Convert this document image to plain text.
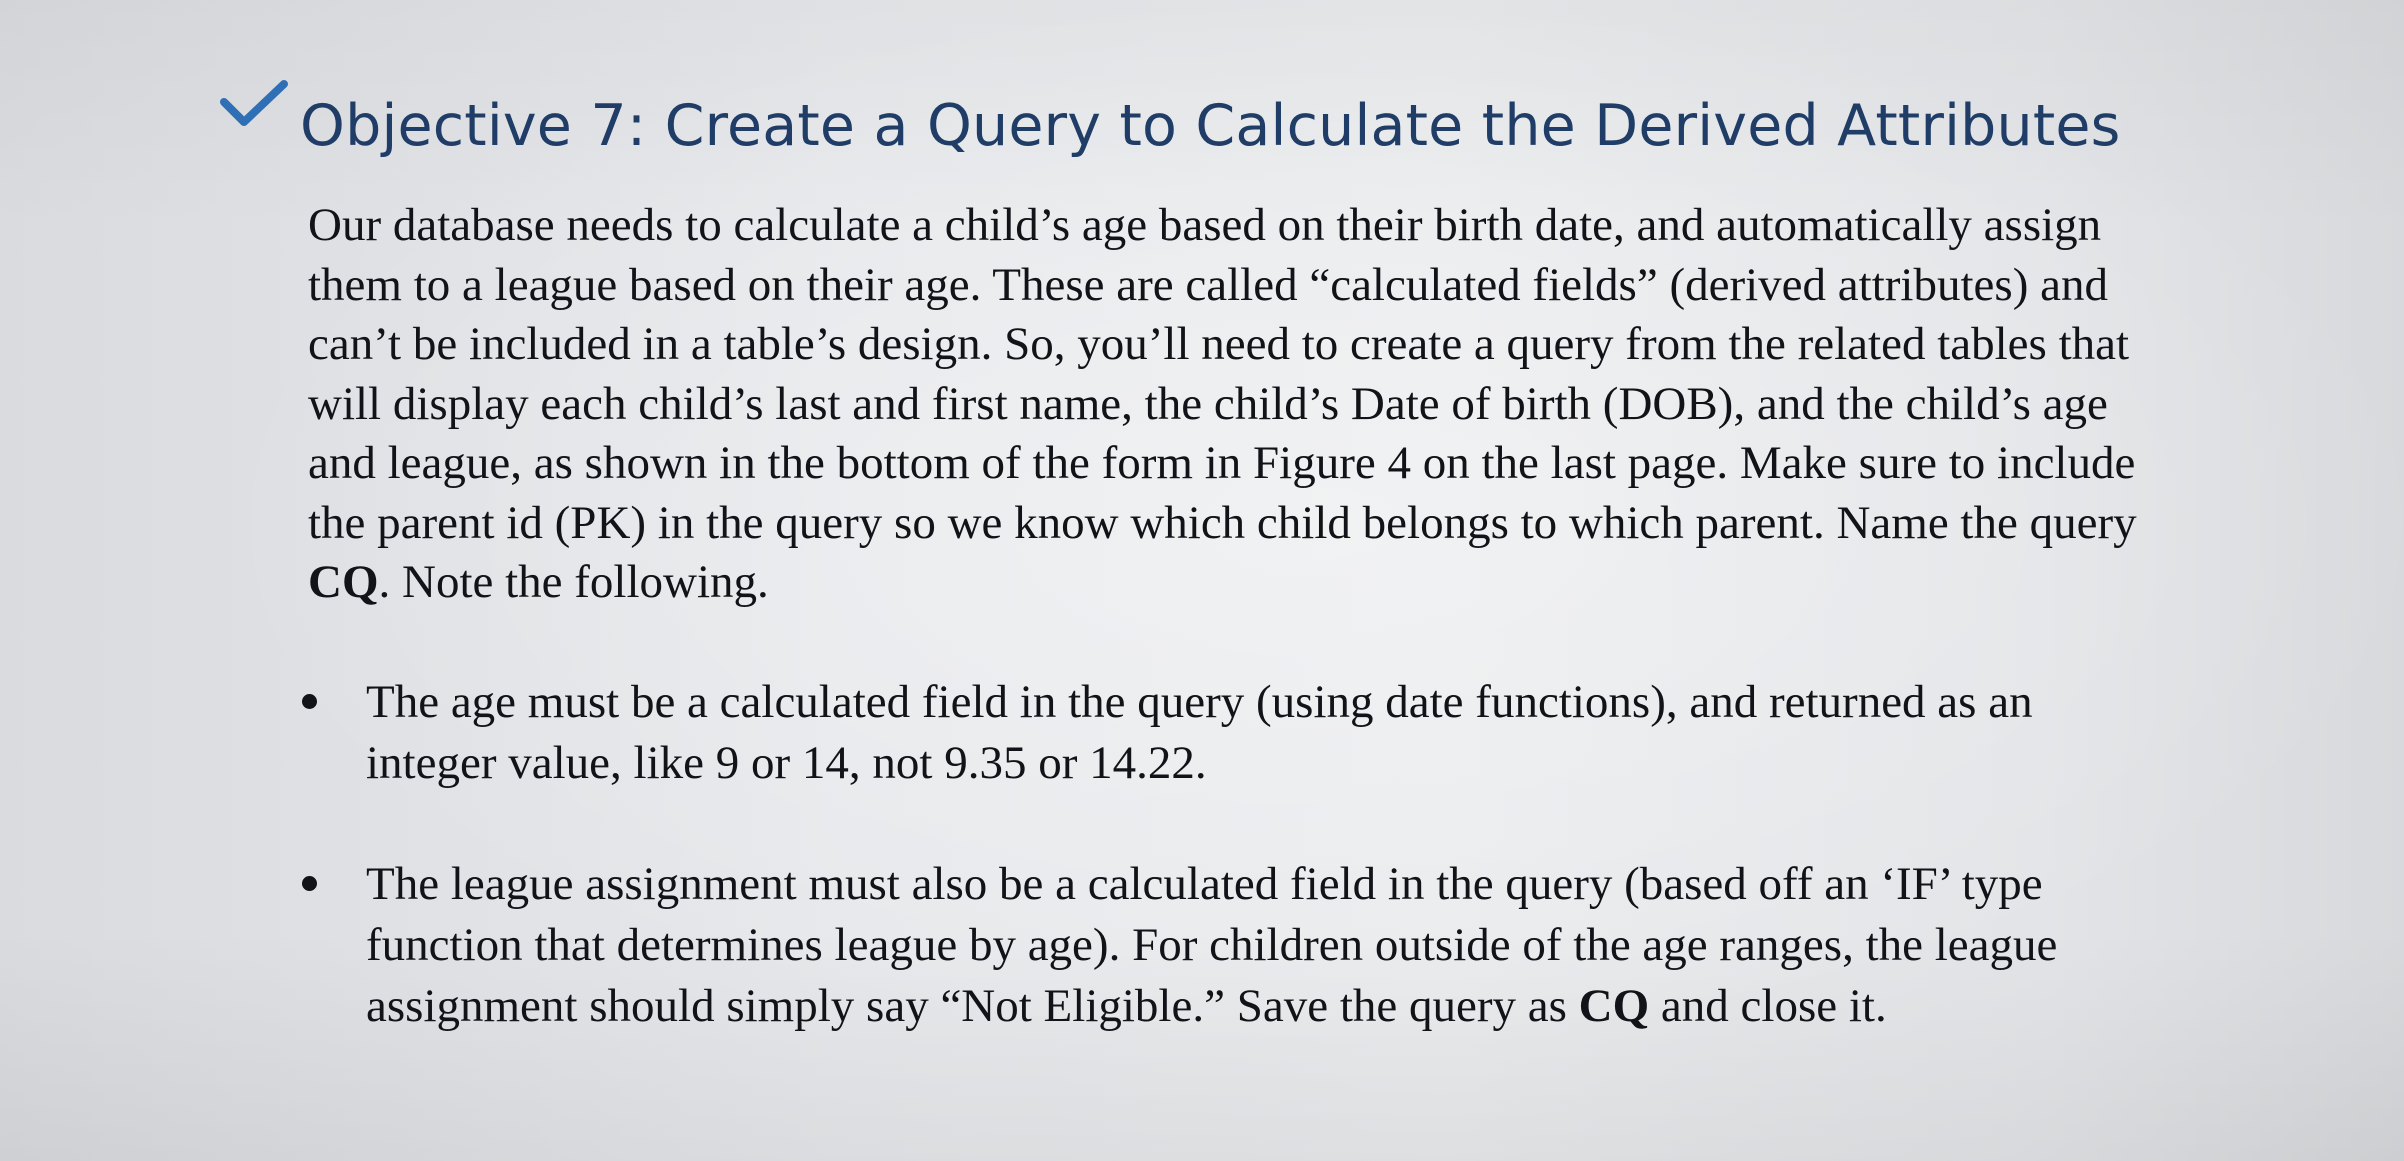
Objective 7: Create a Query to Calculate the Derived Attributes

Our database needs to calculate a child’s age based on their birth date, and automatically assign them to a league based on their age. These are called “calculated fields” (derived attributes) and can’t be included in a table’s design. So, you’ll need to create a query from the related tables that will display each child’s last and first name, the child’s Date of birth (DOB), and the child’s age and league, as shown in the bottom of the form in Figure 4 on the last page. Make sure to include the parent id (PK) in the query so we know which child belongs to which parent. Name the query CQ. Note the following.

The age must be a calculated field in the query (using date functions), and returned as an integer value, like 9 or 14, not 9.35 or 14.22.
The league assignment must also be a calculated field in the query (based off an ‘IF’ type function that determines league by age). For children outside of the age ranges, the league assignment should simply say “Not Eligible.” Save the query as CQ and close it.
